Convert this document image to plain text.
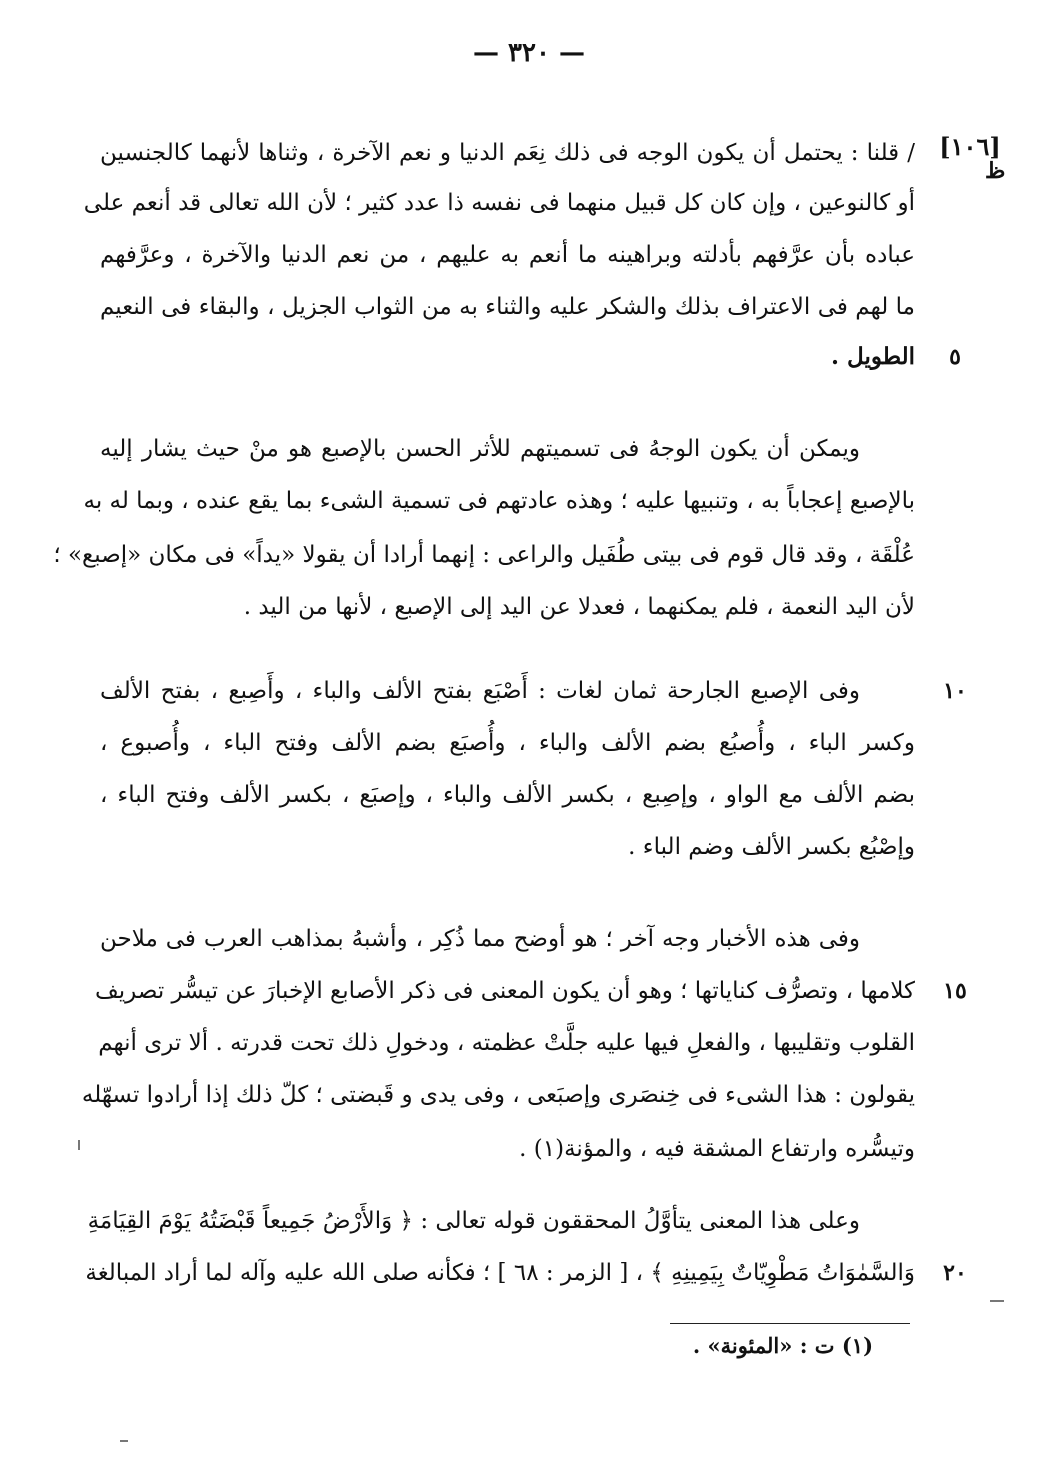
— ٣٢٠ —
[١٠٦]
ظ
/ قلنا : يحتمل أن يكون الوجه فى ذلك نِعَم الدنيا و نعم الآخرة ، وثناها لأنهما كالجنسين
أو كالنوعين ، وإن كان كل قبيل منهما فى نفسه ذا عدد كثير ؛ لأن الله تعالى قد أنعم على
عباده بأن عرَّفهم بأدلته وبراهينه ما أنعم به عليهم ، من نعم الدنيا والآخرة ، وعرَّفهم
ما لهم فى الاعتراف بذلك والشكر عليه والثناء به من الثواب الجزيل ، والبقاء فى النعيم
الطويل .	٥
ويمكن أن يكون الوجهُ فى تسميتهم للأثر الحسن بالإصبع هو منْ حيث يشار إليه
بالإصبع إعجاباً به ، وتنبيها عليه ؛ وهذه عادتهم فى تسمية الشىء بما يقع عنده ، وبما له به
عُلْقَة ، وقد قال قوم فى بيتى طُفَيل والراعى : إنهما أرادا أن يقولا «يداً» فى مكان «إصبع» ؛
لأن اليد النعمة ، فلم يمكنهما ، فعدلا عن اليد إلى الإصبع ، لأنها من اليد .
١٠
وفى الإصبع الجارحة ثمان لغات : أَصْبَع بفتح الألف والباء ، وأَصِبع ، بفتح الألف
وكسر الباء ، وأُصبُع بضم الألف والباء ، وأُصبَع بضم الألف وفتح الباء ، وأُصبوع ،
بضم الألف مع الواو ، وإصِبع ، بكسر الألف والباء ، وإصبَع ، بكسر الألف وفتح الباء ،
وإصْبُع بكسر الألف وضم الباء .
وفى هذه الأخبار وجه آخر ؛ هو أوضح مما ذُكِر ، وأشبهُ بمذاهب العرب فى ملاحن
١٥
كلامها ، وتصرُّف كناياتها ؛ وهو أن يكون المعنى فى ذكر الأصابع الإخبارَ عن تيسُّر تصريف
القلوب وتقليبها ، والفعلِ فيها عليه جلَّتْ عظمته ، ودخولِ ذلك تحت قدرته . ألا ترى أنهم
يقولون : هذا الشىء فى خِنصَرى وإصبَعى ، وفى يدى و قَبضتى ؛ كلّ ذلك إذا أرادوا تسهّله
وتيسُّره وارتفاع المشقة فيه ، والمؤنة(١) .
وعلى هذا المعنى يتأوَّلُ المحققون قوله تعالى : ﴿ وَالأَرْضُ جَمِيعاً قَبْضَتُهُ يَوْمَ القِيَامَةِ
٢٠
وَالسَّمٰوَاتُ مَطْوِيّاتٌ بِيَمِينِهِ ﴾ ، [ الزمر : ٦٨ ] ؛ فكأنه صلى الله عليه وآله لما أراد المبالغة
(١) ت : «المئونة» .
